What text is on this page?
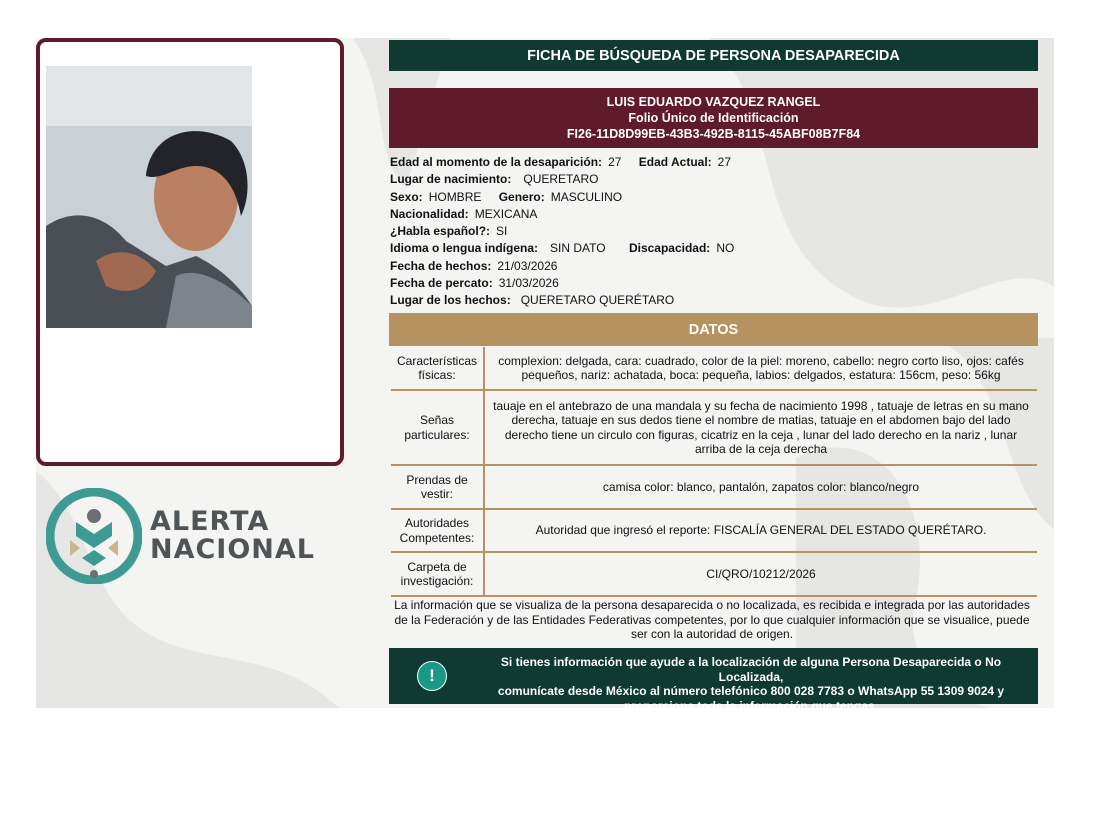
ALERTA
NACIONAL
FICHA DE BÚSQUEDA DE PERSONA DESAPARECIDA
LUIS EDUARDO VAZQUEZ RANGEL
Folio Único de Identificación
FI26-11D8D99EB-43B3-492B-8115-45ABF08B7F84
Edad al momento de la desaparición: 27 Edad Actual: 27
Lugar de nacimiento: QUERETARO
Sexo: HOMBRE Genero: MASCULINO
Nacionalidad: MEXICANA
¿Habla español?: SI
Idioma o lengua indígena: SIN DATO Discapacidad: NO
Fecha de hechos: 21/03/2026
Fecha de percato: 31/03/2026
Lugar de los hechos: QUERETARO QUERÉTARO
DATOS
Características físicas:	complexion: delgada, cara: cuadrado, color de la piel: moreno, cabello: negro corto liso, ojos: cafés pequeños, nariz: achatada, boca: pequeña, labios: delgados, estatura: 156cm, peso: 56kg
Señas particulares:	tauaje en el antebrazo de una mandala y su fecha de nacimiento 1998 , tatuaje de letras en su mano derecha, tatuaje en sus dedos tiene el nombre de matias, tatuaje en el abdomen bajo del lado derecho tiene un circulo con figuras, cicatriz en la ceja , lunar del lado derecho en la nariz , lunar arriba de la ceja derecha
Prendas de vestir:	camisa color: blanco, pantalón, zapatos color: blanco/negro
Autoridades Competentes:	Autoridad que ingresó el reporte: FISCALÍA GENERAL DEL ESTADO QUERÉTARO.
Carpeta de investigación:	CI/QRO/10212/2026
La información que se visualiza de la persona desaparecida o no localizada, es recibida e integrada por las autoridades de la Federación y de las Entidades Federativas competentes, por lo que cualquier información que se visualice, puede ser con la autoridad de origen.
!
Si tienes información que ayude a la localización de alguna Persona Desaparecida o No Localizada,
comunícate desde México al número telefónico 800 028 7783 o WhatsApp 55 1309 9024 y
proporciona toda la información que tengas.
